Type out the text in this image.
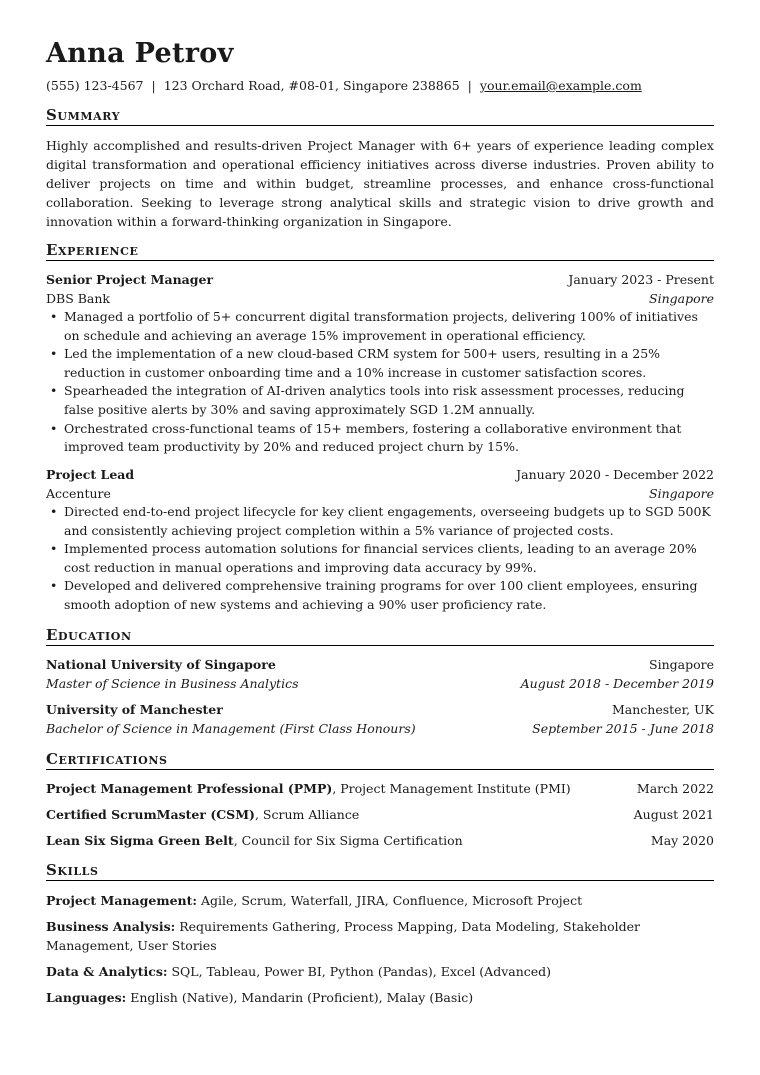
Anna Petrov
(555) 123-4567 | 123 Orchard Road, #08-01, Singapore 238865 | your.email@example.com
Summary

Highly accomplished and results-driven Project Manager with 6+ years of experience leading complex digital transformation and operational efficiency initiatives across diverse industries. Proven ability to deliver projects on time and within budget, streamline processes, and enhance cross-functional collaboration. Seeking to leverage strong analytical skills and strategic vision to drive growth and innovation within a forward-thinking organization in Singapore.

Experience
Senior Project Manager	January 2023 - Present
DBS Bank	Singapore
• Managed a portfolio of 5+ concurrent digital transformation projects, delivering 100% of initiatives on schedule and achieving an average 15% improvement in operational efficiency.
• Led the implementation of a new cloud-based CRM system for 500+ users, resulting in a 25% reduction in customer onboarding time and a 10% increase in customer satisfaction scores.
• Spearheaded the integration of AI-driven analytics tools into risk assessment processes, reducing false positive alerts by 30% and saving approximately SGD 1.2M annually.
• Orchestrated cross-functional teams of 15+ members, fostering a collaborative environment that improved team productivity by 20% and reduced project churn by 15%.
Project Lead	January 2020 - December 2022
Accenture	Singapore
• Directed end-to-end project lifecycle for key client engagements, overseeing budgets up to SGD 500K and consistently achieving project completion within a 5% variance of projected costs.
• Implemented process automation solutions for financial services clients, leading to an average 20% cost reduction in manual operations and improving data accuracy by 99%.
• Developed and delivered comprehensive training programs for over 100 client employees, ensuring smooth adoption of new systems and achieving a 90% user proficiency rate.
Education
National University of Singapore	Singapore
Master of Science in Business Analytics	August 2018 - December 2019
University of Manchester	Manchester, UK
Bachelor of Science in Management (First Class Honours)	September 2015 - June 2018
Certifications
Project Management Professional (PMP), Project Management Institute (PMI)	March 2022
Certified ScrumMaster (CSM), Scrum Alliance	August 2021
Lean Six Sigma Green Belt, Council for Six Sigma Certification	May 2020
Skills

Project Management: Agile, Scrum, Waterfall, JIRA, Confluence, Microsoft Project

Business Analysis: Requirements Gathering, Process Mapping, Data Modeling, Stakeholder Management, User Stories

Data & Analytics: SQL, Tableau, Power BI, Python (Pandas), Excel (Advanced)

Languages: English (Native), Mandarin (Proficient), Malay (Basic)
